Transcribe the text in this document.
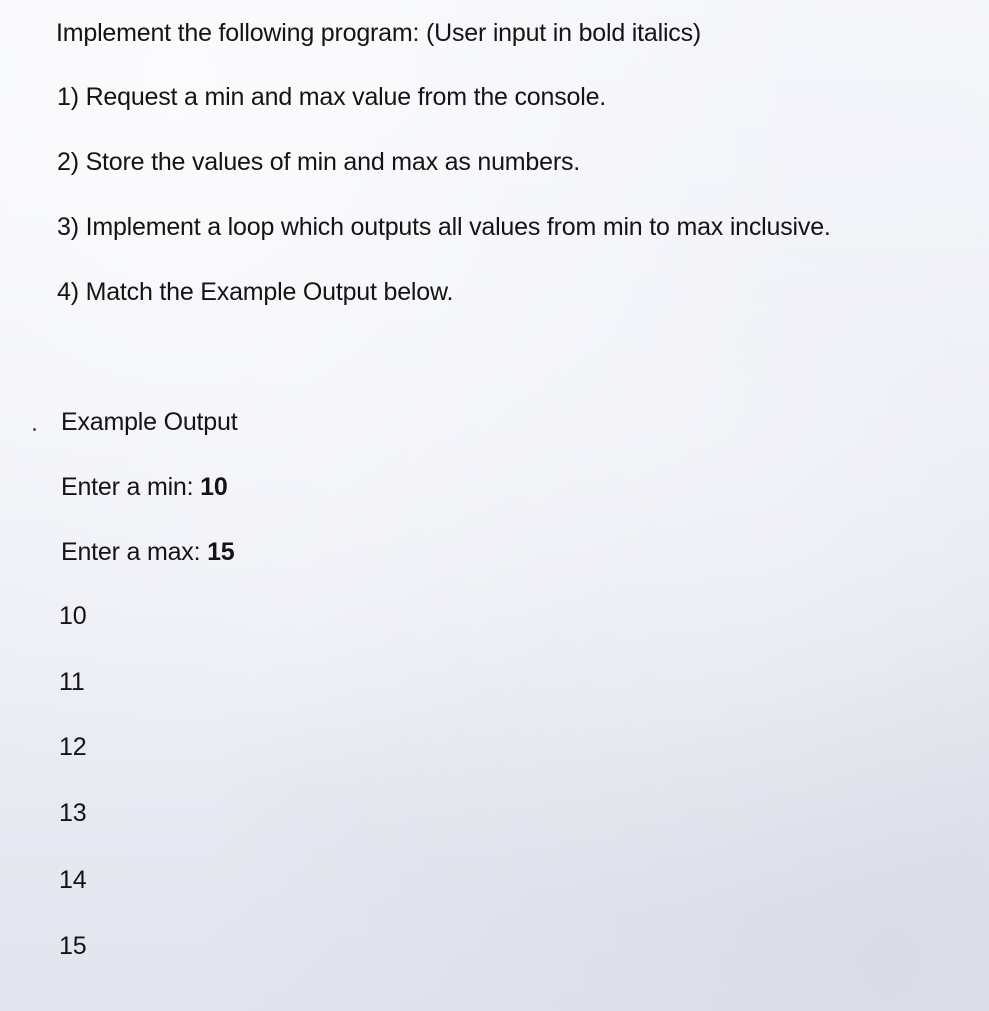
Implement the following program: (User input in bold italics)
1) Request a min and max value from the console.
2) Store the values of min and max as numbers.
3) Implement a loop which outputs all values from min to max inclusive.
4) Match the Example Output below.
Example Output
Enter a min: 10
Enter a max: 15
10
11
12
13
14
15
